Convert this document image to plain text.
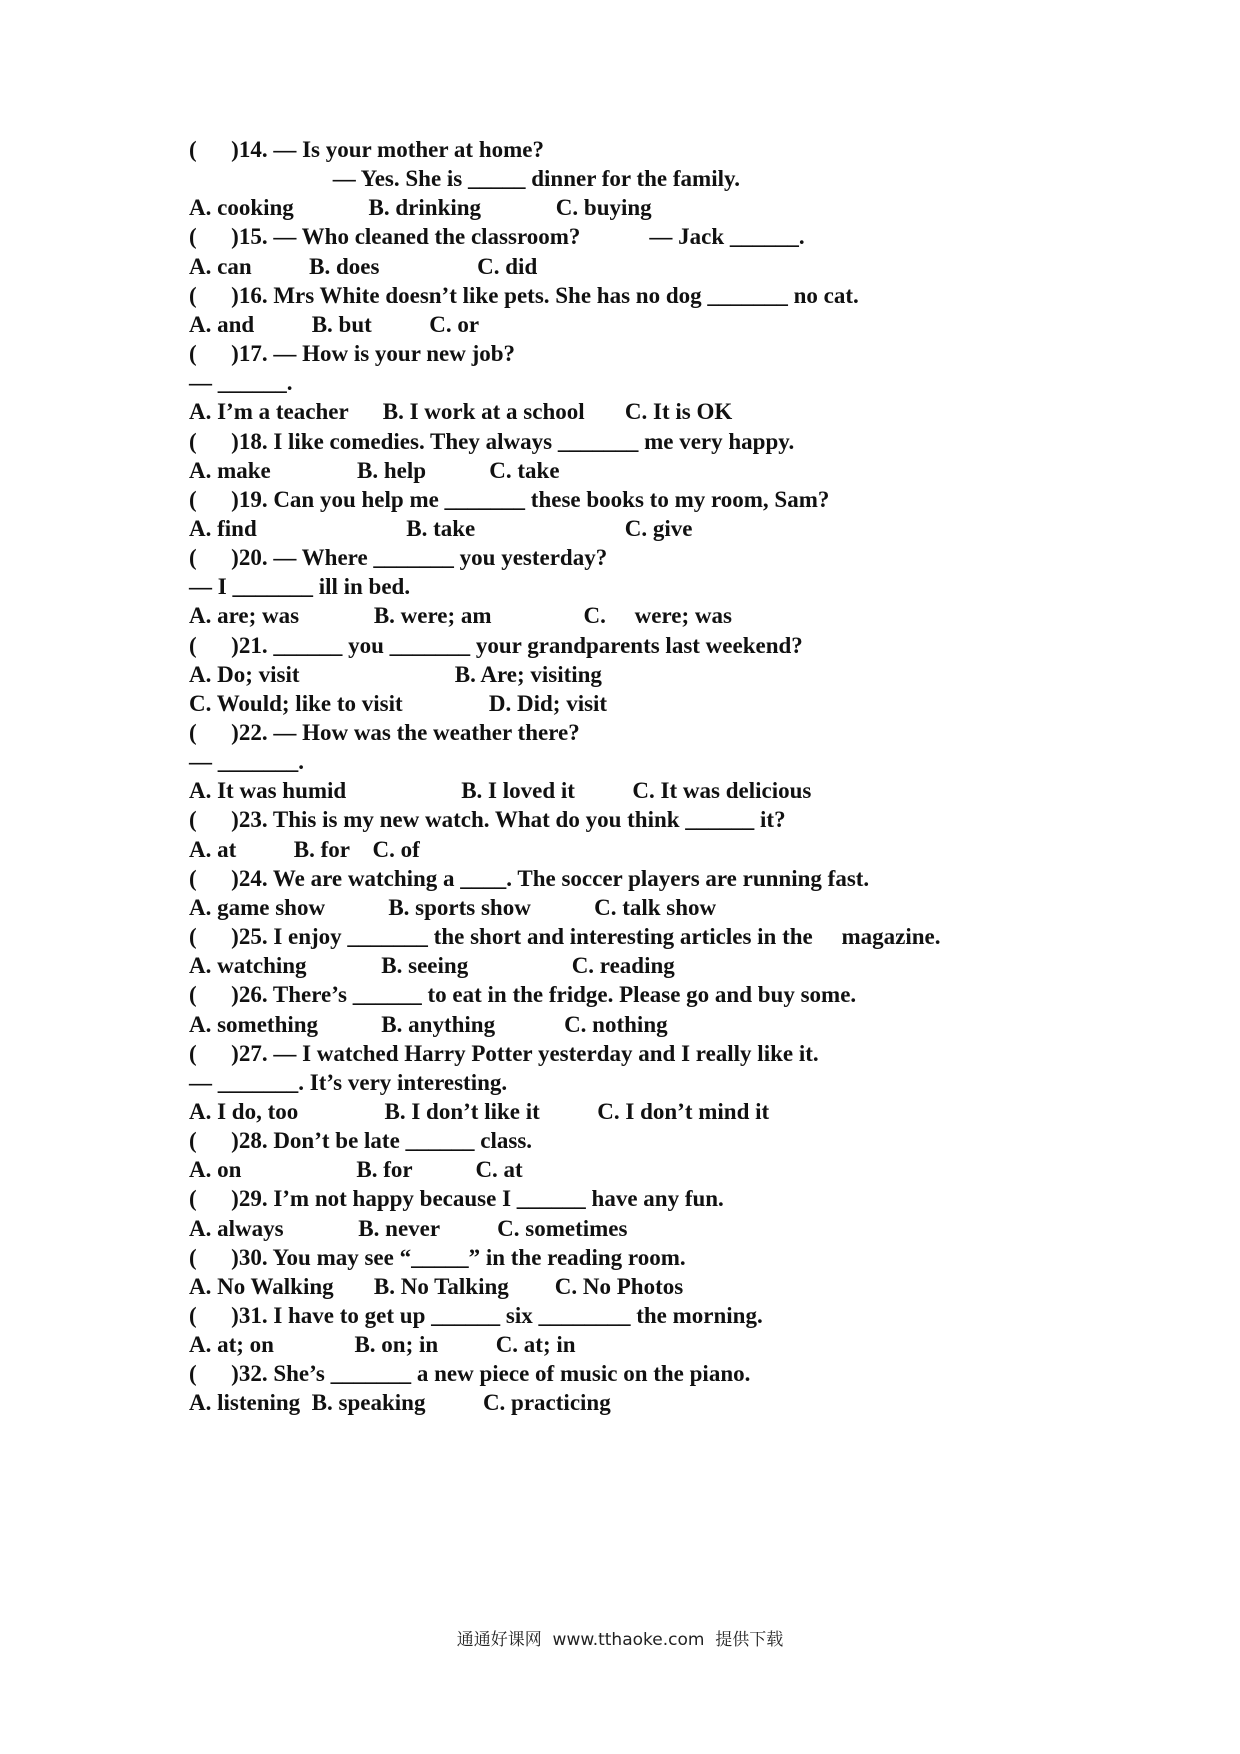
(      )14. — Is your mother at home?
— Yes. She is _____ dinner for the family.
A. cooking             B. drinking             C. buying
(      )15. — Who cleaned the classroom?            — Jack ______.
A. can          B. does                 C. did
(      )16. Mrs White doesn’t like pets. She has no dog _______ no cat.
A. and          B. but          C. or
(      )17. — How is your new job?
— ______.
A. I’m a teacher      B. I work at a school       C. It is OK
(      )18. I like comedies. They always _______ me very happy.
A. make               B. help           C. take
(      )19. Can you help me _______ these books to my room, Sam?
A. find                          B. take                          C. give
(      )20. — Where _______ you yesterday?
— I _______ ill in bed.
A. are; was             B. were; am                C.     were; was
(      )21. ______ you _______ your grandparents last weekend?
A. Do; visit                           B. Are; visiting
C. Would; like to visit               D. Did; visit
(      )22. — How was the weather there?
— _______.
A. It was humid                    B. I loved it          C. It was delicious
(      )23. This is my new watch. What do you think ______ it?
A. at          B. for    C. of
(      )24. We are watching a ____. The soccer players are running fast.
A. game show           B. sports show           C. talk show
(      )25. I enjoy _______ the short and interesting articles in the     magazine.
A. watching             B. seeing                  C. reading
(      )26. There’s ______ to eat in the fridge. Please go and buy some.
A. something           B. anything            C. nothing
(      )27. — I watched Harry Potter yesterday and I really like it.
— _______. It’s very interesting.
A. I do, too               B. I don’t like it          C. I don’t mind it
(      )28. Don’t be late ______ class.
A. on                    B. for           C. at
(      )29. I’m not happy because I ______ have any fun.
A. always             B. never          C. sometimes
(      )30. You may see “_____” in the reading room.
A. No Walking       B. No Talking        C. No Photos
(      )31. I have to get up ______ six ________ the morning.
A. at; on              B. on; in          C. at; in
(      )32. She’s _______ a new piece of music on the piano.
A. listening  B. speaking          C. practicing
通通好课网  www.tthaoke.com  提供下载
